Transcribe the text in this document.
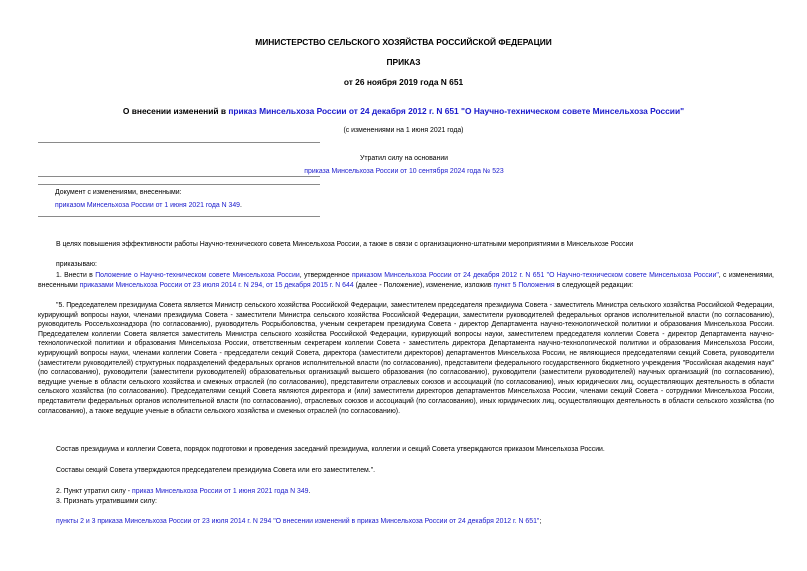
МИНИСТЕРСТВО СЕЛЬСКОГО ХОЗЯЙСТВА РОССИЙСКОЙ ФЕДЕРАЦИИ
ПРИКАЗ
от 26 ноября 2019 года N 651
О внесении изменений в приказ Минсельхоза России от 24 декабря 2012 г. N 651 "О Научно-техническом совете Минсельхоза России"
(с изменениями на 1 июня 2021 года)
Утратил силу на основании
приказа Минсельхоза России от 10 сентября 2024 года № 523
Документ с изменениями, внесенными:
приказом Минсельхоза России от 1 июня 2021 года N 349.
В целях повышения эффективности работы Научно-технического совета Минсельхоза России, а также в связи с организационно-штатными мероприятиями в Минсельхозе России
приказываю:
1. Внести в Положение о Научно-техническом совете Минсельхоза России, утвержденное приказом Минсельхоза России от 24 декабря 2012 г. N 651 "О Научно-техническом совете Минсельхоза России", с изменениями, внесенными приказами Минсельхоза России от 23 июля 2014 г. N 294, от 15 декабря 2015 г. N 644 (далее - Положение), изменение, изложив пункт 5 Положения в следующей редакции:
"5. Председателем президиума Совета является Министр сельского хозяйства Российской Федерации, заместителем председателя президиума Совета - заместитель Министра сельского хозяйства Российской Федерации, курирующий вопросы науки, членами президиума Совета - заместители Министра сельского хозяйства Российской Федерации, заместители руководителей федеральных органов исполнительной власти (по согласованию), руководитель Россельхознадзора (по согласованию), руководитель Росрыболовства, ученым секретарем президиума Совета - директор Департамента научно-технологической политики и образования Минсельхоза России. Председателем коллегии Совета является заместитель Министра сельского хозяйства Российской Федерации, курирующий вопросы науки, заместителем председателя коллегии Совета - директор Департамента научно-технологической политики и образования Минсельхоза России, ответственным секретарем коллегии Совета - заместитель директора Департамента научно-технологической политики и образования Минсельхоза России, курирующий вопросы науки, членами коллегии Совета - председатели секций Совета, директора (заместители директоров) департаментов Минсельхоза России, не являющиеся председателями секций Совета, руководители (заместители руководителей) структурных подразделений федеральных органов исполнительной власти (по согласованию), представители федерального государственного бюджетного учреждения "Российская академия наук" (по согласованию), руководители (заместители руководителей) образовательных организаций высшего образования (по согласованию), руководители (заместители руководителей) научных организаций (по согласованию), ведущие ученые в области сельского хозяйства и смежных отраслей (по согласованию), представители отраслевых союзов и ассоциаций (по согласованию), иных юридических лиц, осуществляющих деятельность в области сельского хозяйства (по согласованию). Председателями секций Совета являются директора и (или) заместители директоров департаментов Минсельхоза России, членами секций Совета - сотрудники Минсельхоза России, представители федеральных органов исполнительной власти (по согласованию), отраслевых союзов и ассоциаций (по согласованию), иных юридических лиц, осуществляющих деятельность в области сельского хозяйства (по согласованию), а также ведущие ученые в области сельского хозяйства и смежных отраслей (по согласованию).
Состав президиума и коллегии Совета, порядок подготовки и проведения заседаний президиума, коллегии и секций Совета утверждаются приказом Минсельхоза России.
Составы секций Совета утверждаются председателем президиума Совета или его заместителем.".
2. Пункт утратил силу - приказ Минсельхоза России от 1 июня 2021 года N 349.
3. Признать утратившими силу:
пункты 2 и 3 приказа Минсельхоза России от 23 июля 2014 г. N 294 "О внесении изменений в приказ Минсельхоза России от 24 декабря 2012 г. N 651";
